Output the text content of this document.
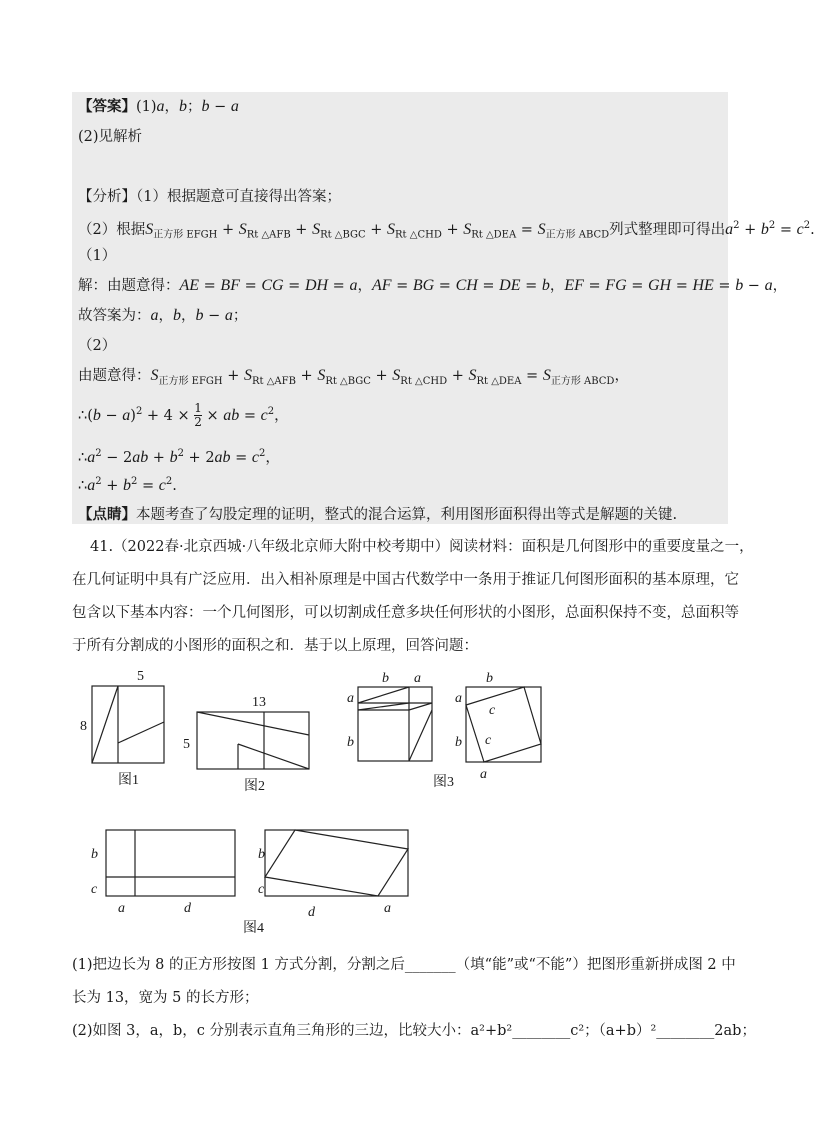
【答案】(1)a，b；b − a
(2)见解析
【分析】（1）根据题意可直接得出答案；
（2）根据$S_{正方形 EFGH} + S_{Rt \triangle AFB} + S_{Rt \triangle BGC} + S_{Rt \triangle CHD} + S_{Rt \triangle DEA} = S_{正方形 ABCD}$列式整理即可得出$a^2 + b^2 = c^2$.
（1）
解：由题意得：AE = BF = CG = DH = a，AF = BG = CH = DE = b，EF = FG = GH = HE = b − a，
故答案为：a，b，b − a；
（2）
由题意得：$S_{正方形 EFGH} + S_{Rt \triangle AFB} + S_{Rt \triangle BGC} + S_{Rt \triangle CHD} + S_{Rt \triangle DEA} = S_{正方形 ABCD}$，
∴(b − $a)^2 + 4 \times \frac{1}{2}$ × ab = $c^2$，
$\therefore a^2 - 2ab + b^2 + 2ab = c^2$，
$\therefore a^2 + b^2 = c^2$.
【点睛】本题考查了勾股定理的证明，整式的混合运算，利用图形面积得出等式是解题的关键.
41.（2022春·北京西城·八年级北京师大附中校考期中）阅读材料：面积是几何图形中的重要度量之一，
在几何证明中具有广泛应用．出入相补原理是中国古代数学中一条用于推证几何图形面积的基本原理，它
包含以下基本内容：一个几何图形，可以切割成任意多块任何形状的小图形，总面积保持不变，总面积等
于所有分割成的小图形的面积之和．基于以上原理，回答问题：
5
8
13
5
图1	图2
b a
a
b
b
a
b
c
c
a
图3
b
c
a	d
b
c
d	a
图4
(1)把边长为 8 的正方形按图 1 方式分割，分割之后_______（填“能”或“不能”）把图形重新拼成图 2 中
长为 13，宽为 5 的长方形；
(2)如图 3，a，b，c 分别表示直角三角形的三边，比较大小：a²+b²________c²；（a+b）²________2ab；
